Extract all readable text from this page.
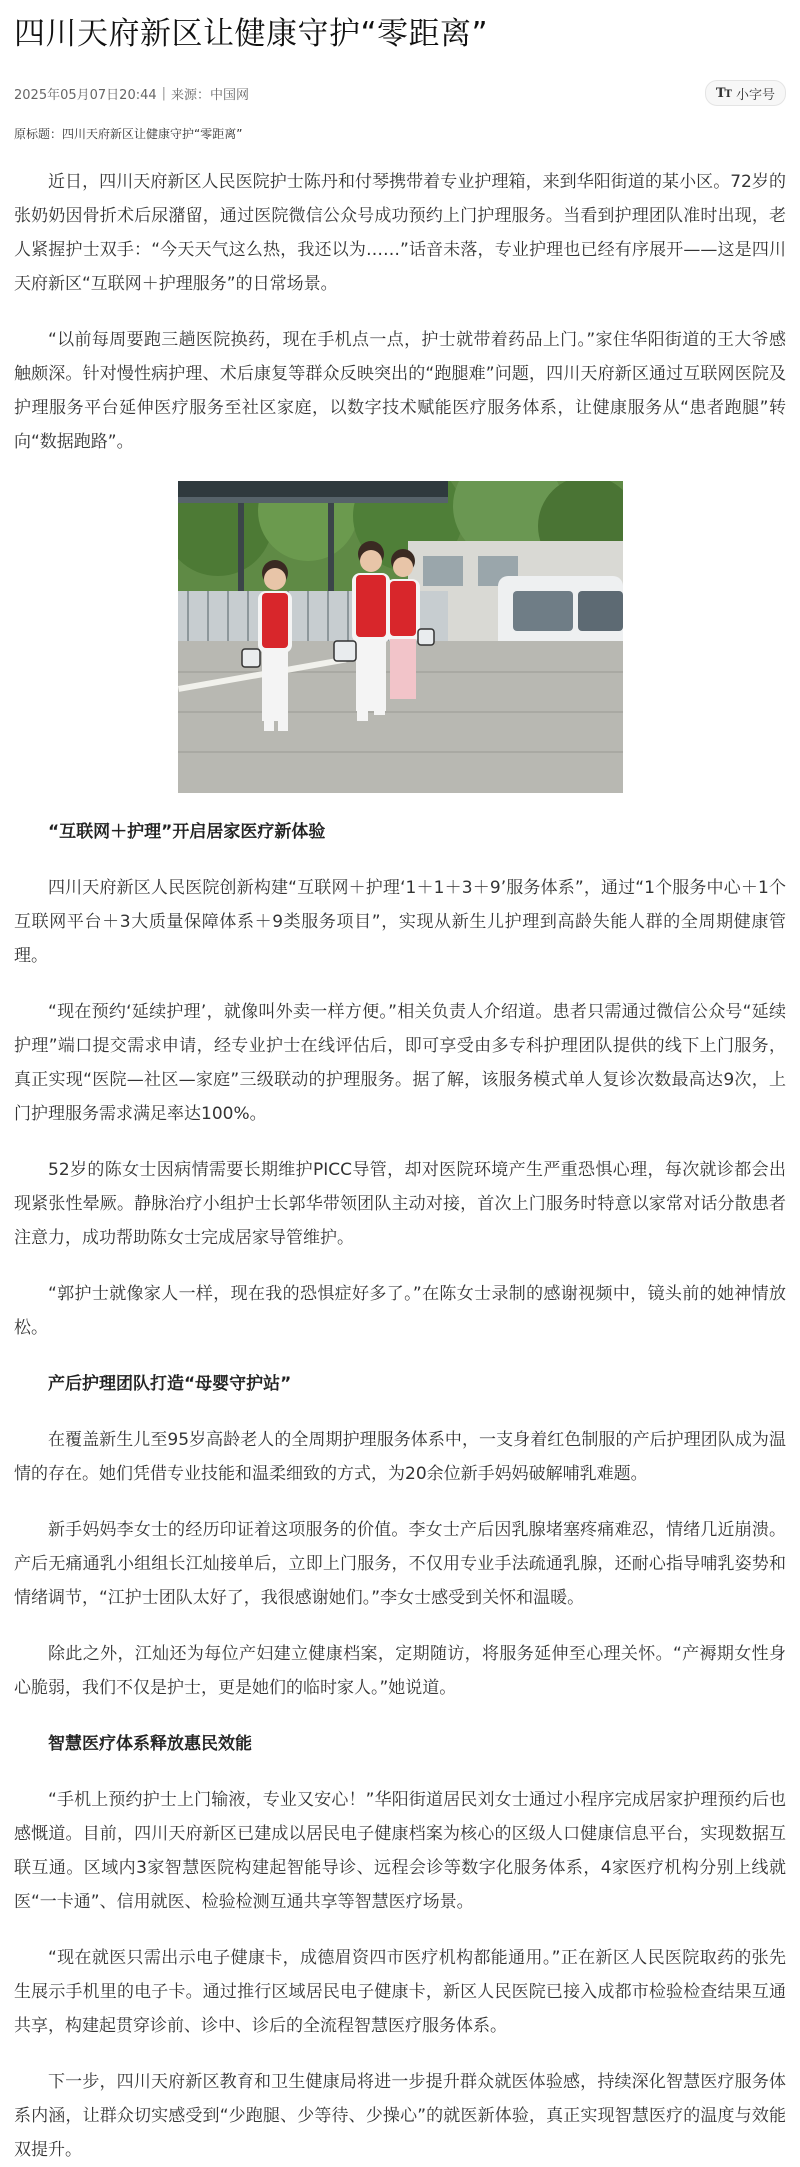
四川天府新区让健康守护“零距离”
2025年05月07日20:44 | 来源： 中国网	TT 小字号
原标题：四川天府新区让健康守护“零距离”

近日，四川天府新区人民医院护士陈丹和付琴携带着专业护理箱，来到华阳街道的某小区。72岁的张奶奶因骨折术后尿潴留，通过医院微信公众号成功预约上门护理服务。当看到护理团队准时出现，老人紧握护士双手：“今天天气这么热，我还以为……”话音未落，专业护理也已经有序展开——这是四川天府新区“互联网＋护理服务”的日常场景。

“以前每周要跑三趟医院换药，现在手机点一点，护士就带着药品上门。”家住华阳街道的王大爷感触颇深。针对慢性病护理、术后康复等群众反映突出的“跑腿难”问题，四川天府新区通过互联网医院及护理服务平台延伸医疗服务至社区家庭，以数字技术赋能医疗服务体系，让健康服务从“患者跑腿”转向“数据跑路”。

“互联网＋护理”开启居家医疗新体验

四川天府新区人民医院创新构建“互联网＋护理‘1＋1＋3＋9’服务体系”，通过“1个服务中心＋1个互联网平台＋3大质量保障体系＋9类服务项目”，实现从新生儿护理到高龄失能人群的全周期健康管理。

“现在预约‘延续护理’，就像叫外卖一样方便。”相关负责人介绍道。患者只需通过微信公众号“延续护理”端口提交需求申请，经专业护士在线评估后，即可享受由多专科护理团队提供的线下上门服务，真正实现“医院—社区—家庭”三级联动的护理服务。据了解，该服务模式单人复诊次数最高达9次，上门护理服务需求满足率达100%。

52岁的陈女士因病情需要长期维护PICC导管，却对医院环境产生严重恐惧心理，每次就诊都会出现紧张性晕厥。静脉治疗小组护士长郭华带领团队主动对接，首次上门服务时特意以家常对话分散患者注意力，成功帮助陈女士完成居家导管维护。

“郭护士就像家人一样，现在我的恐惧症好多了。”在陈女士录制的感谢视频中，镜头前的她神情放松。

产后护理团队打造“母婴守护站”

在覆盖新生儿至95岁高龄老人的全周期护理服务体系中，一支身着红色制服的产后护理团队成为温情的存在。她们凭借专业技能和温柔细致的方式，为20余位新手妈妈破解哺乳难题。

新手妈妈李女士的经历印证着这项服务的价值。李女士产后因乳腺堵塞疼痛难忍，情绪几近崩溃。产后无痛通乳小组组长江灿接单后，立即上门服务，不仅用专业手法疏通乳腺，还耐心指导哺乳姿势和情绪调节，“江护士团队太好了，我很感谢她们。”李女士感受到关怀和温暖。

除此之外，江灿还为每位产妇建立健康档案，定期随访，将服务延伸至心理关怀。“产褥期女性身心脆弱，我们不仅是护士，更是她们的临时家人。”她说道。

智慧医疗体系释放惠民效能

“手机上预约护士上门输液，专业又安心！”华阳街道居民刘女士通过小程序完成居家护理预约后也感慨道。目前，四川天府新区已建成以居民电子健康档案为核心的区级人口健康信息平台，实现数据互联互通。区域内3家智慧医院构建起智能导诊、远程会诊等数字化服务体系，4家医疗机构分别上线就医“一卡通”、信用就医、检验检测互通共享等智慧医疗场景。

“现在就医只需出示电子健康卡，成德眉资四市医疗机构都能通用。”正在新区人民医院取药的张先生展示手机里的电子卡。通过推行区域居民电子健康卡，新区人民医院已接入成都市检验检查结果互通共享，构建起贯穿诊前、诊中、诊后的全流程智慧医疗服务体系。

下一步，四川天府新区教育和卫生健康局将进一步提升群众就医体验感，持续深化智慧医疗服务体系内涵，让群众切实感受到“少跑腿、少等待、少操心”的就医新体验，真正实现智慧医疗的温度与效能双提升。
